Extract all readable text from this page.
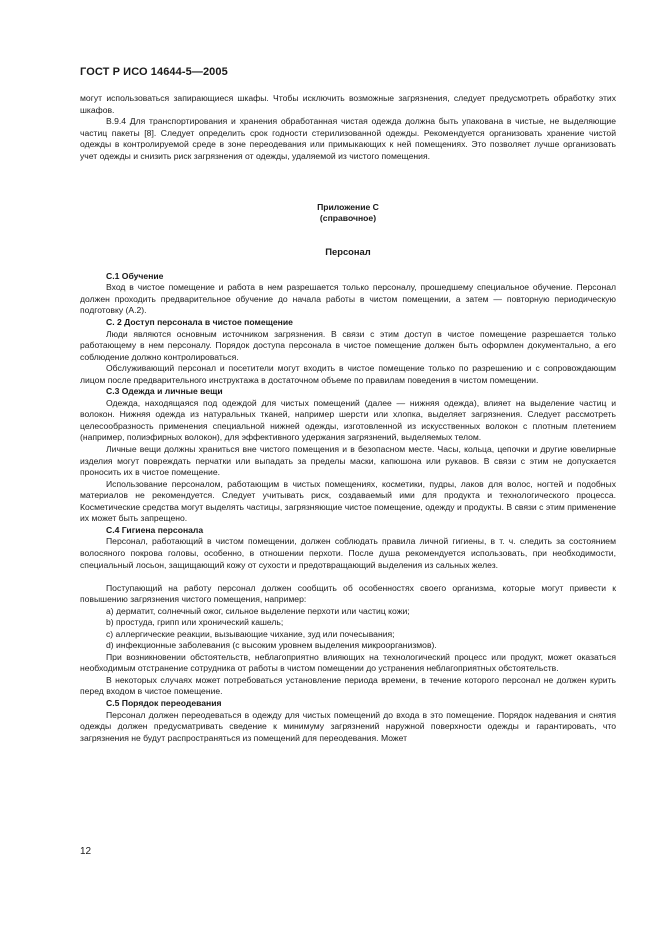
ГОСТ Р ИСО 14644-5—2005

могут использоваться запирающиеся шкафы. Чтобы исключить возможные загрязнения, следует предусмотреть обработку этих шкафов.

В.9.4 Для транспортирования и хранения обработанная чистая одежда должна быть упакована в чистые, не выделяющие частиц пакеты [8]. Следует определить срок годности стерилизованной одежды. Рекомендуется организовать хранение чистой одежды в контролируемой среде в зоне переодевания или примыкающих к ней помещениях. Это позволяет лучше организовать учет одежды и снизить риск загрязнения от одежды, удаляемой из чистого помещения.

Приложение С
(справочное)
Персонал
С.1 Обучение

Вход в чистое помещение и работа в нем разрешается только персоналу, прошедшему специальное обучение. Персонал должен проходить предварительное обучение до начала работы в чистом помещении, а затем — повторную периодическую подготовку (А.2).

С. 2 Доступ персонала в чистое помещение

Люди являются основным источником загрязнения. В связи с этим доступ в чистое помещение разрешается только работающему в нем персоналу. Порядок доступа персонала в чистое помещение должен быть оформлен документально, а его соблюдение должно контролироваться.

Обслуживающий персонал и посетители могут входить в чистое помещение только по разрешению и с сопровождающим лицом после предварительного инструктажа в достаточном объеме по правилам поведения в чистом помещении.

С.3 Одежда и личные вещи

Одежда, находящаяся под одеждой для чистых помещений (далее — нижняя одежда), влияет на выделение частиц и волокон. Нижняя одежда из натуральных тканей, например шерсти или хлопка, выделяет загрязнения. Следует рассмотреть целесообразность применения специальной нижней одежды, изготовленной из искусственных волокон с плотным плетением (например, полиэфирных волокон), для эффективного удержания загрязнений, выделяемых телом.

Личные вещи должны храниться вне чистого помещения и в безопасном месте. Часы, кольца, цепочки и другие ювелирные изделия могут повреждать перчатки или выпадать за пределы маски, капюшона или рукавов. В связи с этим не допускается проносить их в чистое помещение.

Использование персоналом, работающим в чистых помещениях, косметики, пудры, лаков для волос, ногтей и подобных материалов не рекомендуется. Следует учитывать риск, создаваемый ими для продукта и технологического процесса. Косметические средства могут выделять частицы, загрязняющие чистое помещение, одежду и продукты. В связи с этим применение их может быть запрещено.

С.4 Гигиена персонала

Персонал, работающий в чистом помещении, должен соблюдать правила личной гигиены, в т. ч. следить за состоянием волосяного покрова головы, особенно, в отношении перхоти. После душа рекомендуется использовать, при необходимости, специальный лосьон, защищающий кожу от сухости и предотвращающий выделения из сальных желез.

Поступающий на работу персонал должен сообщить об особенностях своего организма, которые могут привести к повышению загрязнения чистого помещения, например:

а) дерматит, солнечный ожог, сильное выделение перхоти или частиц кожи;
b) простуда, грипп или хронический кашель;
с) аллергические реакции, вызывающие чихание, зуд или почесывания;
d) инфекционные заболевания (с высоким уровнем выделения микроорганизмов).

При возникновении обстоятельств, неблагоприятно влияющих на технологический процесс или продукт, может оказаться необходимым отстранение сотрудника от работы в чистом помещении до устранения неблагоприятных обстоятельств.

В некоторых случаях может потребоваться установление периода времени, в течение которого персонал не должен курить перед входом в чистое помещение.

С.5 Порядок переодевания

Персонал должен переодеваться в одежду для чистых помещений до входа в это помещение. Порядок надевания и снятия одежды должен предусматривать сведение к минимуму загрязнений наружной поверхности одежды и гарантировать, что загрязнения не будут распространяться из помещений для переодевания. Может

12
